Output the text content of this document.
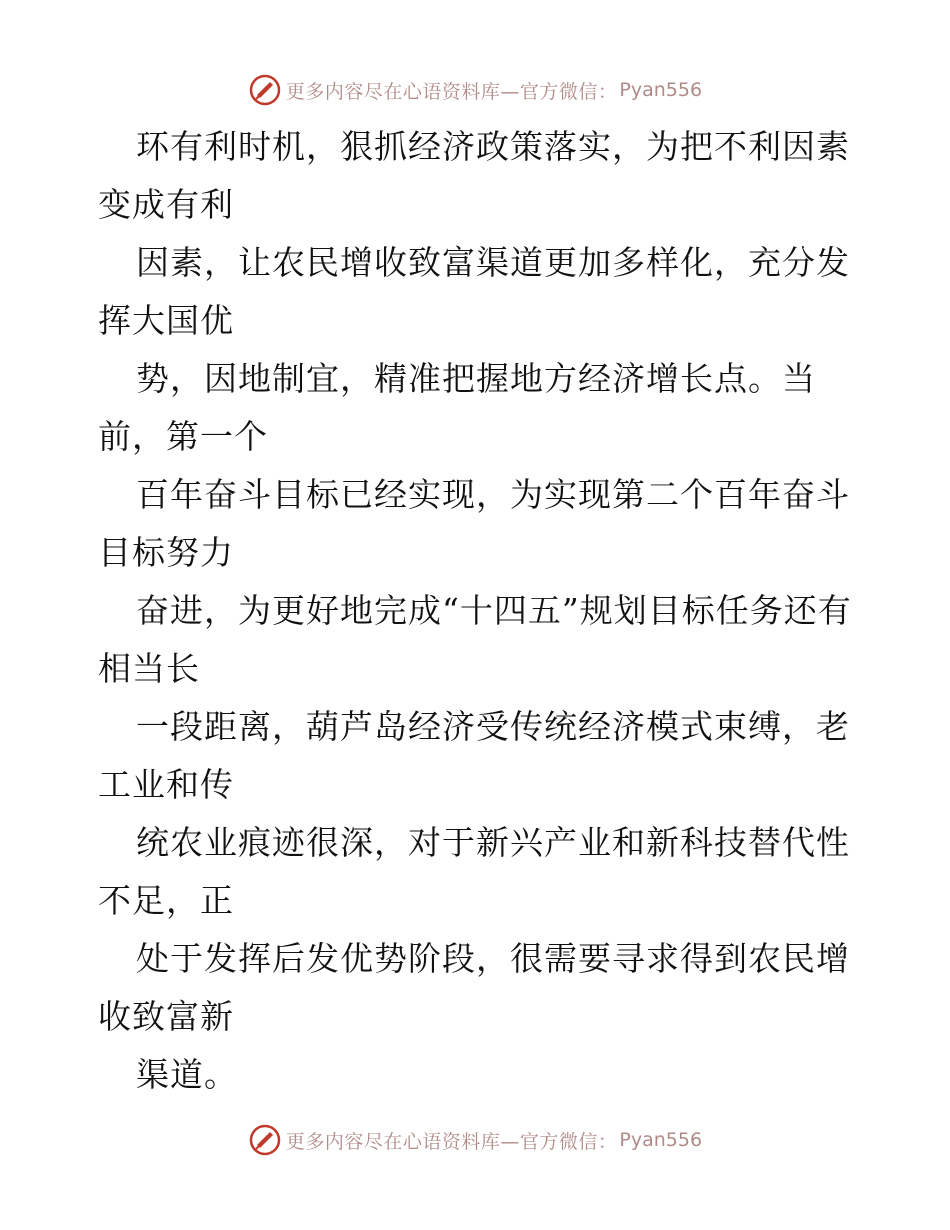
更多内容尽在心语资料库—官方微信： Pyan556

环有利时机，狠抓经济政策落实，为把不利因素变成有利

因素，让农民增收致富渠道更加多样化，充分发挥大国优

势，因地制宜，精准把握地方经济增长点。当前，第一个

百年奋斗目标已经实现，为实现第二个百年奋斗目标努力

奋进，为更好地完成“十四五”规划目标任务还有相当长

一段距离，葫芦岛经济受传统经济模式束缚，老工业和传

统农业痕迹很深，对于新兴产业和新科技替代性不足，正

处于发挥后发优势阶段，很需要寻求得到农民增收致富新

渠道。

更多内容尽在心语资料库—官方微信： Pyan556
